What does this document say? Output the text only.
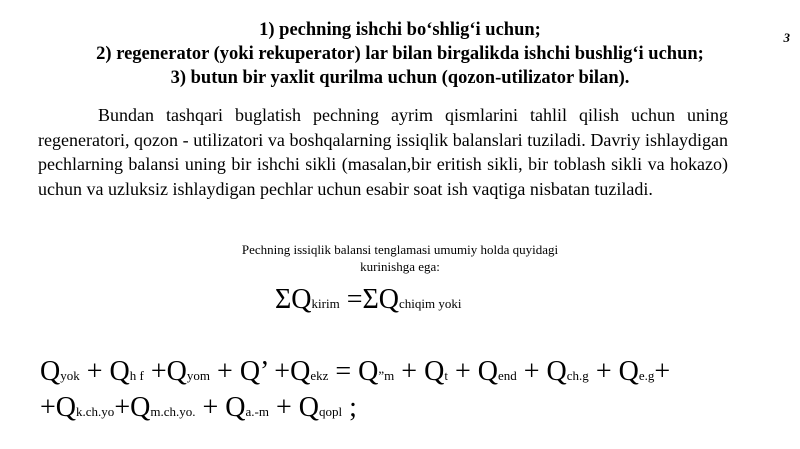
3
1) pechning ishchi bo‘shlig‘i uchun;
2) regenerator (yoki rekuperator) lar bilan birgalikda ishchi bushlig‘i uchun;
3) butun bir yaxlit qurilma uchun (qozon-utilizator bilan).

Bundan tashqari buglatish pechning ayrim qismlarini tahlil qilish uchun uning regeneratori, qozon - utilizatori va boshqalarning issiqlik balanslari tuziladi. Davriy ishlaydigan pechlarning balansi uning bir ishchi sikli (masalan,bir eritish sikli, bir toblash sikli va hokazo) uchun va uzluksiz ishlaydigan pechlar uchun esabir soat ish vaqtiga nisbatan tuziladi.

Pechning issiqlik balansi tenglamasi umumiy holda quyidagi

kurinishga ega:

ΣQkirim =ΣQchiqim yoki
Qyok + Qh f +Qyom + Q’ +Qekz = Q”m + Qt + Qend + Qch.g + Qe.g+
+Qk.ch.yo+Qm.ch.yo. + Qa.-m + Qqopl ;
